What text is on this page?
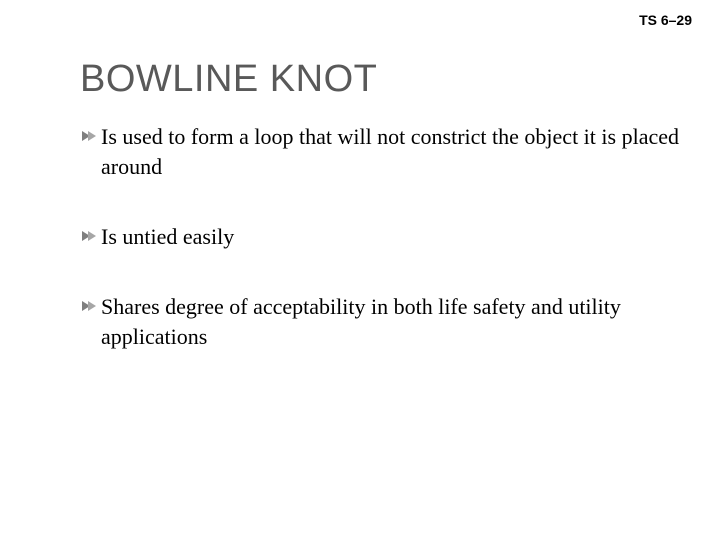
TS 6–29
BOWLINE KNOT
Is used to form a loop that will not constrict the object it is placed around
Is untied easily
Shares degree of acceptability in both life safety and utility applications
